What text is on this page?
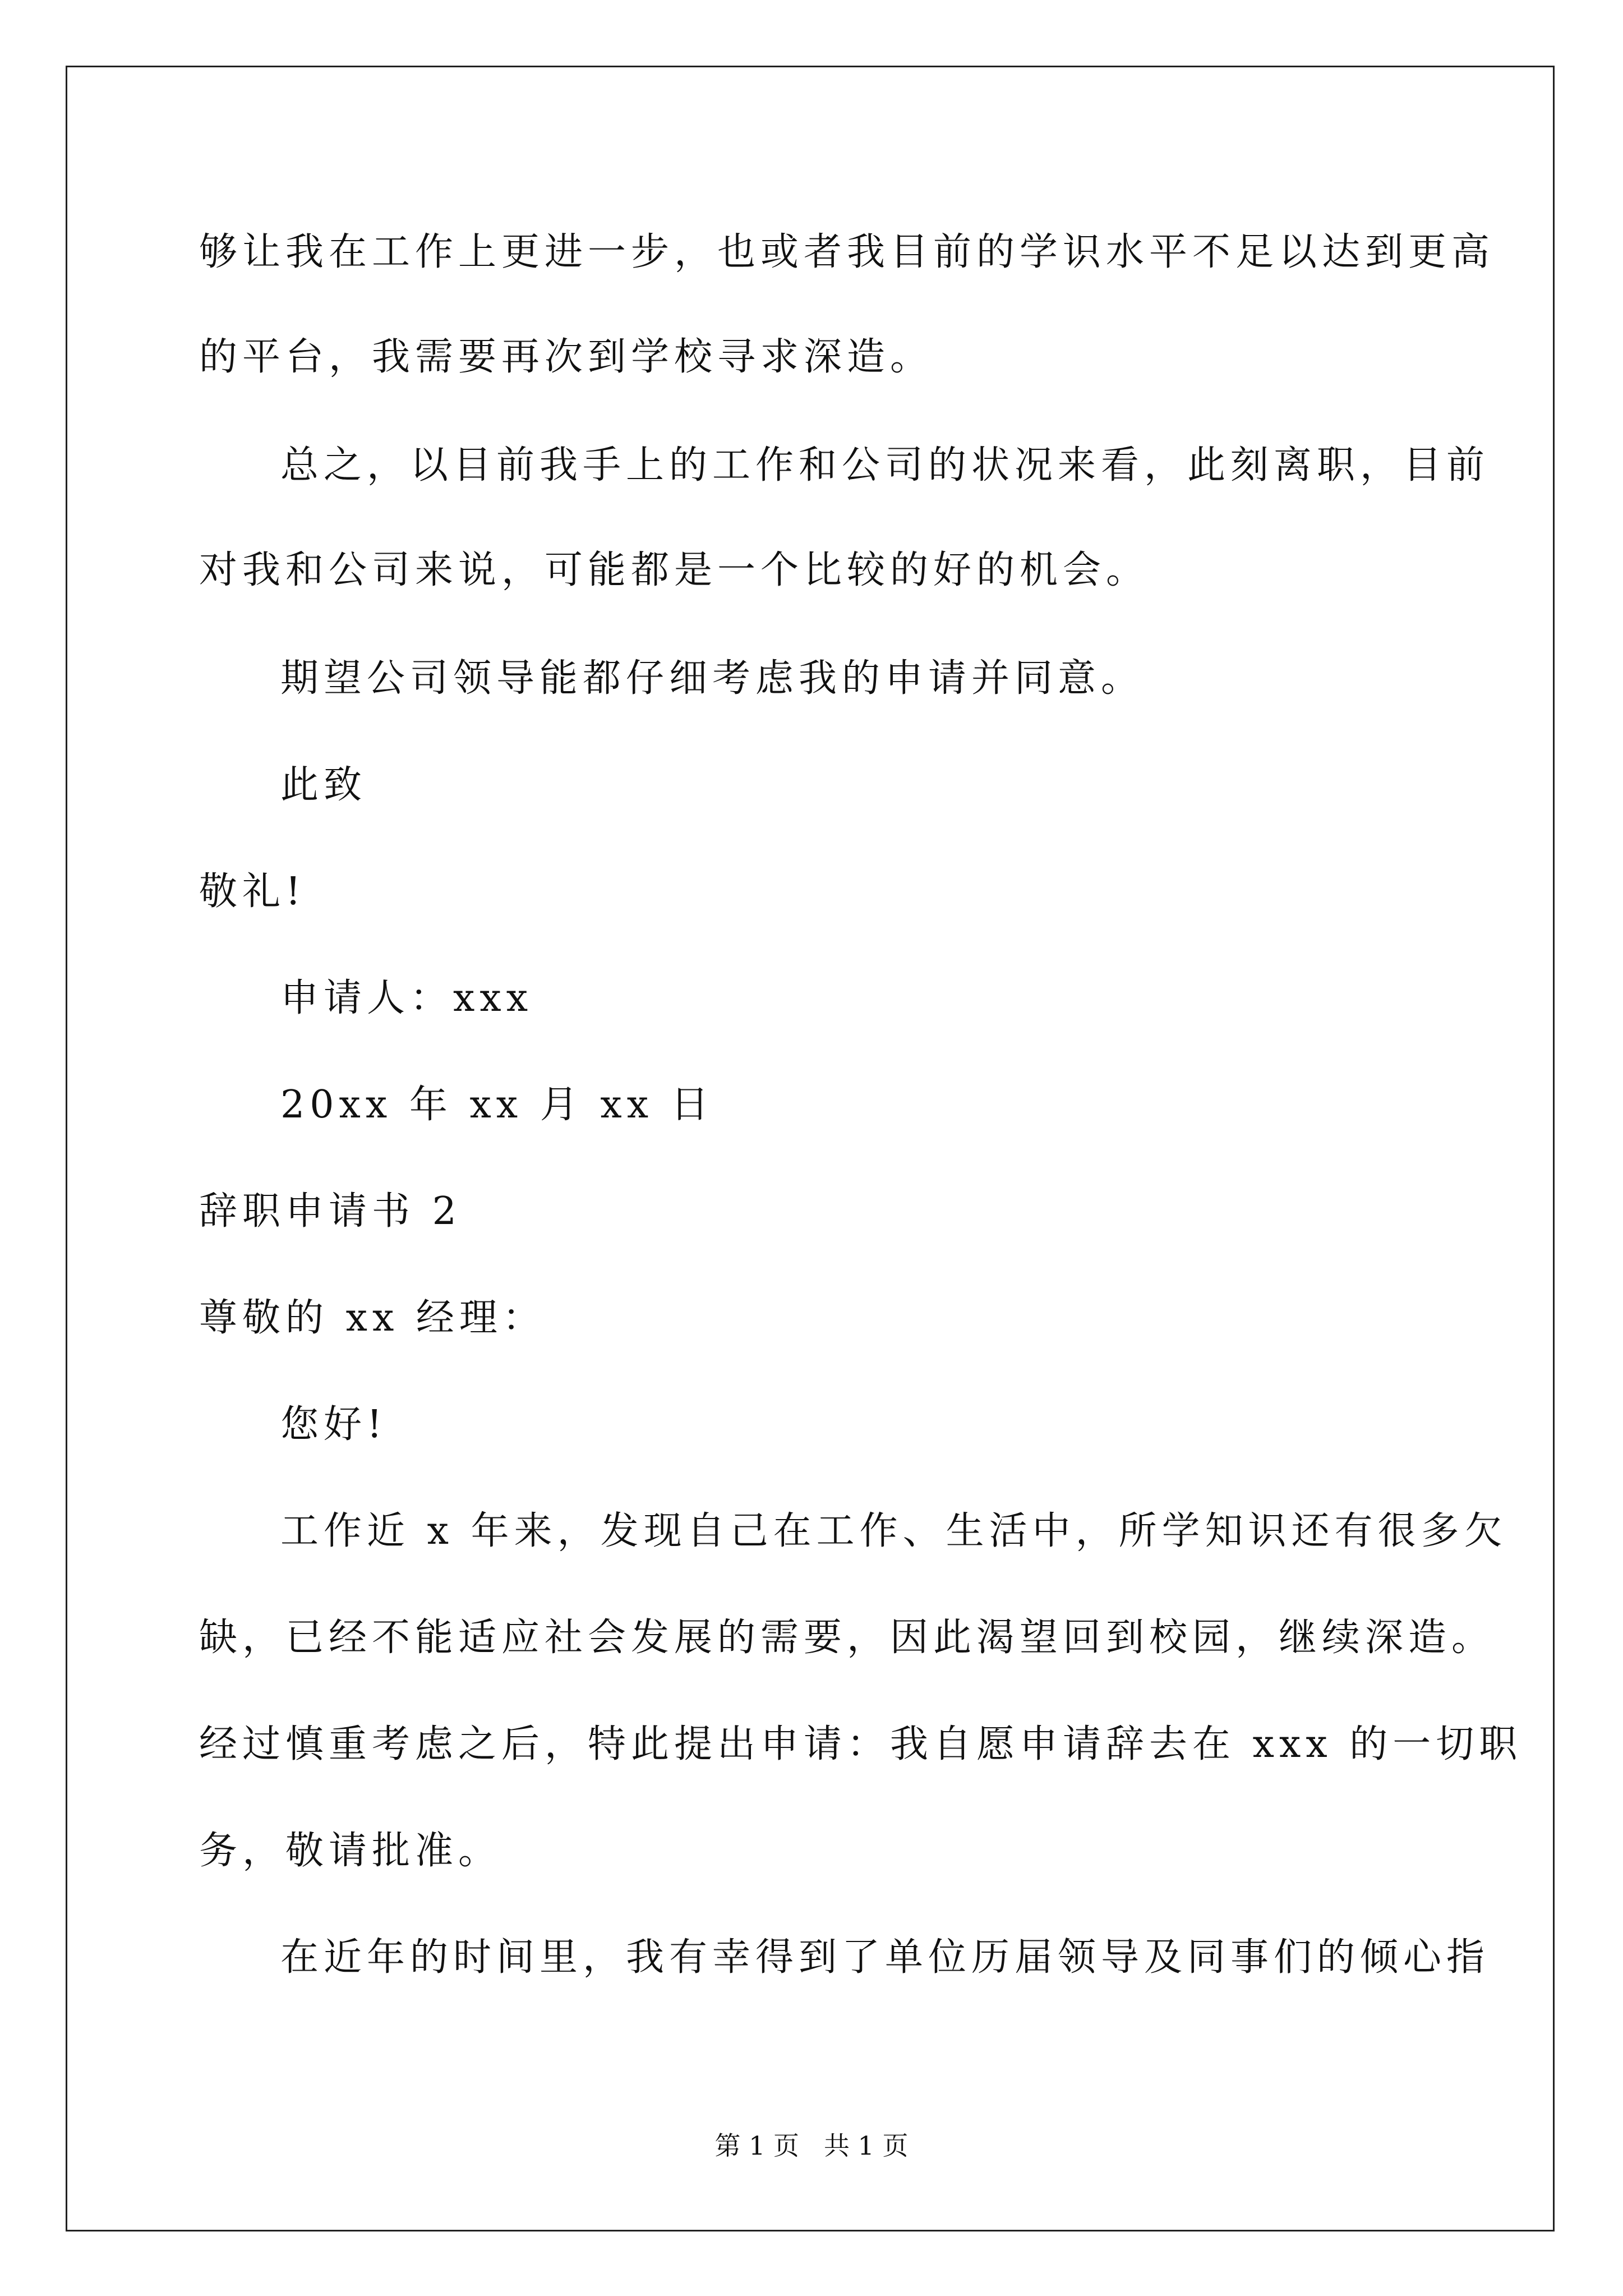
够让我在工作上更进一步，也或者我目前的学识水平不足以达到更高
的平台，我需要再次到学校寻求深造。
总之，以目前我手上的工作和公司的状况来看，此刻离职，目前
对我和公司来说，可能都是一个比较的好的机会。
期望公司领导能都仔细考虑我的申请并同意。
此致
敬礼!
申请人：xxx
20xx 年 xx 月 xx 日
辞职申请书 2
尊敬的 xx 经理：
您好!
工作近 x 年来，发现自己在工作、生活中，所学知识还有很多欠
缺，已经不能适应社会发展的需要，因此渴望回到校园，继续深造。
经过慎重考虑之后，特此提出申请：我自愿申请辞去在 xxx 的一切职
务，敬请批准。
在近年的时间里，我有幸得到了单位历届领导及同事们的倾心指
第 1 页 共 1 页
